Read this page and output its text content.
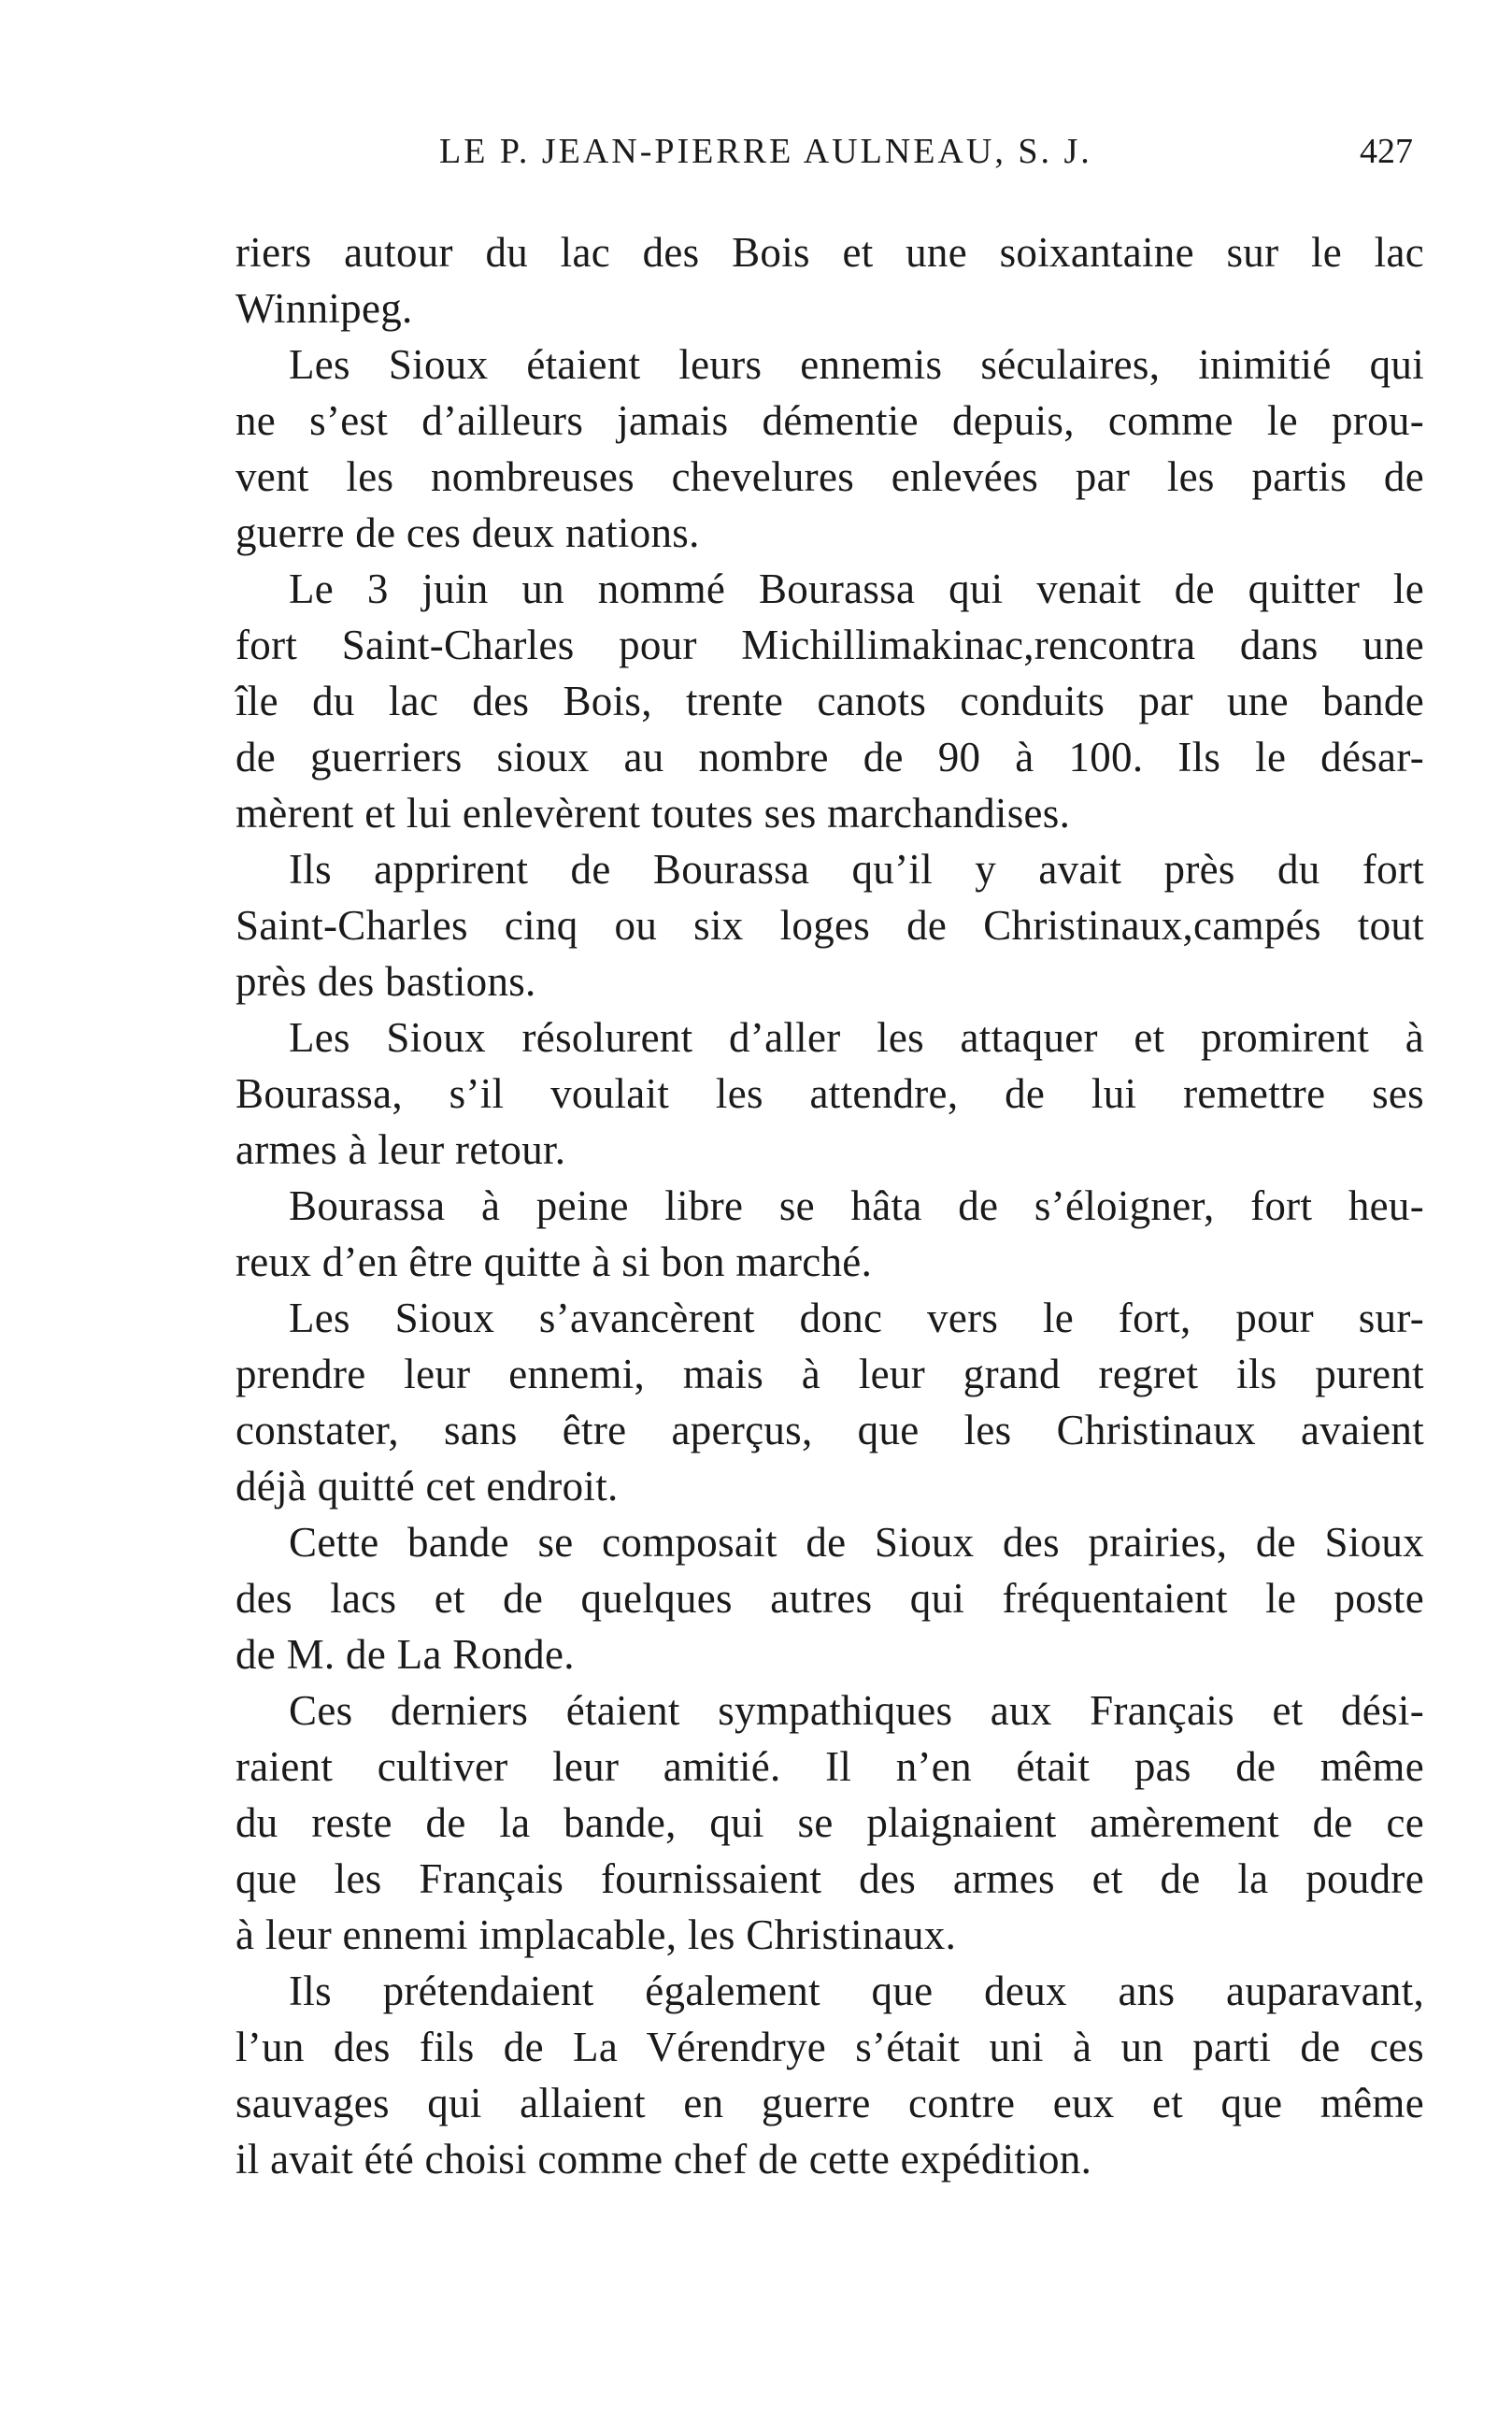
LE P. JEAN-PIERRE AULNEAU, S. J.	427
riers autour du lac des Bois et une soixantaine sur le lac
Winnipeg.
Les Sioux étaient leurs ennemis séculaires, inimitié qui
ne s’est d’ailleurs jamais démentie depuis, comme le prou-
vent les nombreuses chevelures enlevées par les partis de
guerre de ces deux nations.
Le 3 juin un nommé Bourassa qui venait de quitter le
fort Saint-Charles pour Michillimakinac,rencontra dans une
île du lac des Bois, trente canots conduits par une bande
de guerriers sioux au nombre de 90 à 100. Ils le désar-
mèrent et lui enlevèrent toutes ses marchandises.
Ils apprirent de Bourassa qu’il y avait près du fort
Saint-Charles cinq ou six loges de Christinaux,campés tout
près des bastions.
Les Sioux résolurent d’aller les attaquer et promirent à
Bourassa, s’il voulait les attendre, de lui remettre ses
armes à leur retour.
Bourassa à peine libre se hâta de s’éloigner, fort heu-
reux d’en être quitte à si bon marché.
Les Sioux s’avancèrent donc vers le fort, pour sur-
prendre leur ennemi, mais à leur grand regret ils purent
constater, sans être aperçus, que les Christinaux avaient
déjà quitté cet endroit.
Cette bande se composait de Sioux des prairies, de Sioux
des lacs et de quelques autres qui fréquentaient le poste
de M. de La Ronde.
Ces derniers étaient sympathiques aux Français et dési-
raient cultiver leur amitié. Il n’en était pas de même
du reste de la bande, qui se plaignaient amèrement de ce
que les Français fournissaient des armes et de la poudre
à leur ennemi implacable, les Christinaux.
Ils prétendaient également que deux ans auparavant,
l’un des fils de La Vérendrye s’était uni à un parti de ces
sauvages qui allaient en guerre contre eux et que même
il avait été choisi comme chef de cette expédition.
